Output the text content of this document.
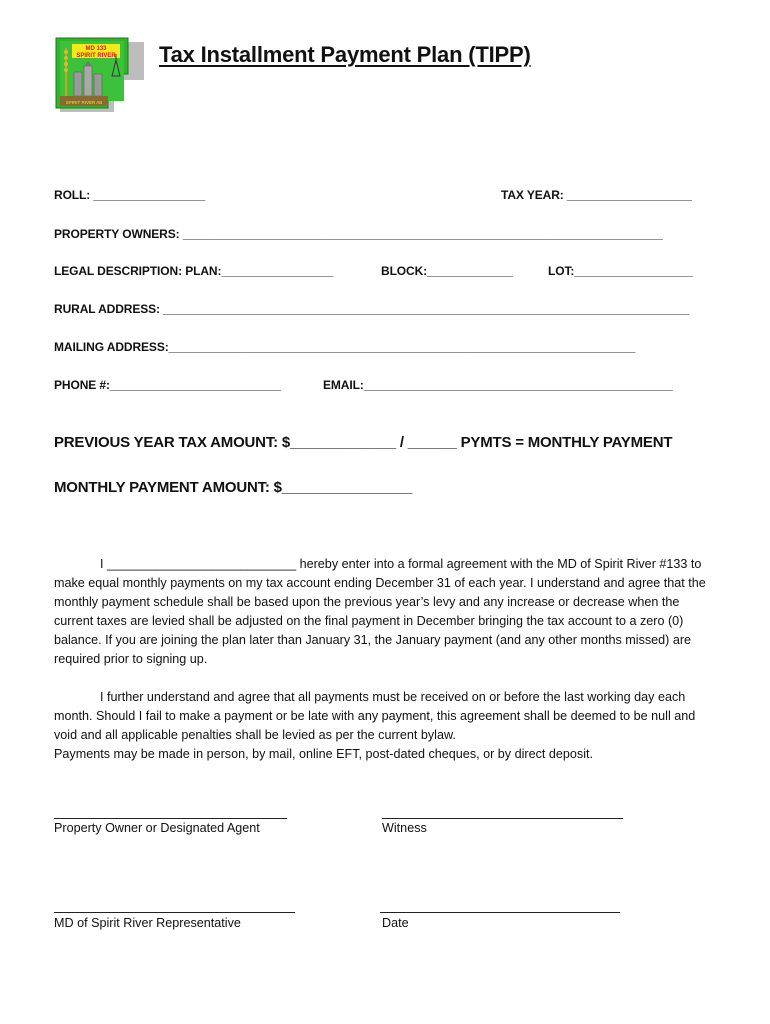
MD 133
SPIRIT RIVER
SPIRIT RIVER AB
Tax Installment Payment Plan (TIPP)
ROLL: _________________	TAX YEAR: ___________________
PROPERTY OWNERS: _________________________________________________________________________
LEGAL DESCRIPTION: PLAN:_________________	BLOCK:_____________	LOT:__________________
RURAL ADDRESS: ________________________________________________________________________________
MAILING ADDRESS:_______________________________________________________________________
PHONE #:__________________________	EMAIL:_______________________________________________
PREVIOUS YEAR TAX AMOUNT: $_____________ / ______ PYMTS = MONTHLY PAYMENT
MONTHLY PAYMENT AMOUNT: $________________
I ___________________________ hereby enter into a formal agreement with the MD of Spirit River #133 to make equal monthly payments on my tax account ending December 31 of each year. I understand and agree that the monthly payment schedule shall be based upon the previous year’s levy and any increase or decrease when the current taxes are levied shall be adjusted on the final payment in December bringing the tax account to a zero (0) balance. If you are joining the plan later than January 31, the January payment (and any other months missed) are required prior to signing up.
I further understand and agree that all payments must be received on or before the last working day each month. Should I fail to make a payment or be late with any payment, this agreement shall be deemed to be null and void and all applicable penalties shall be levied as per the current bylaw.
Payments may be made in person, by mail, online EFT, post-dated cheques, or by direct deposit.
Property Owner or Designated Agent	Witness
MD of Spirit River Representative	Date
